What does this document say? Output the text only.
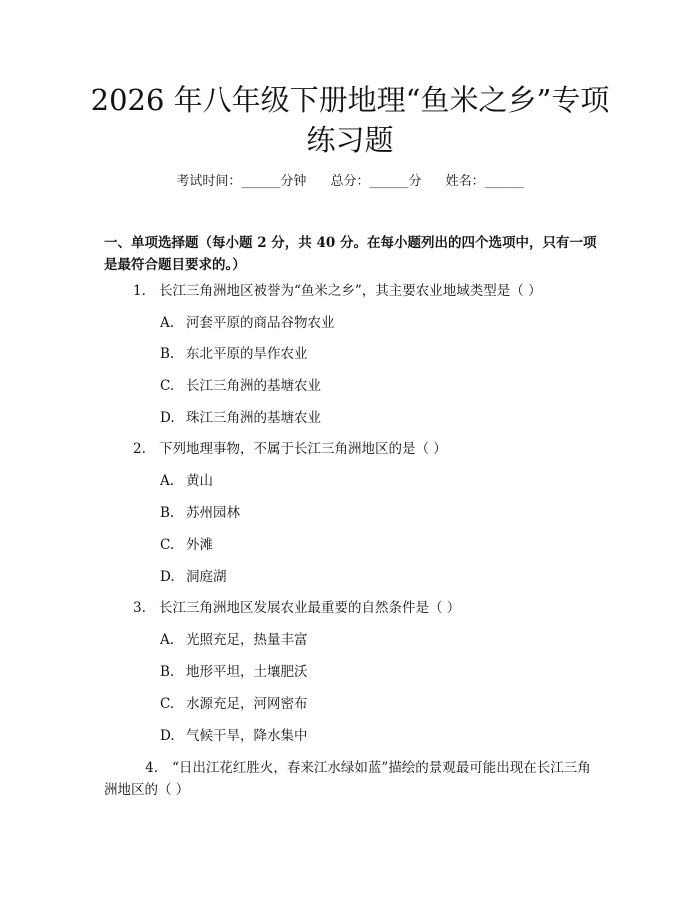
2026 年八年级下册地理“鱼米之乡”专项练习题
考试时间：______分钟 总分：______分 姓名：______
一、单项选择题（每小题 2 分，共 40 分。在每小题列出的四个选项中，只有一项是最符合题目要求的。）
1. 长江三角洲地区被誉为“鱼米之乡”，其主要农业地域类型是（ ）
A. 河套平原的商品谷物农业
B. 东北平原的旱作农业
C. 长江三角洲的基塘农业
D. 珠江三角洲的基塘农业
2. 下列地理事物，不属于长江三角洲地区的是（ ）
A. 黄山
B. 苏州园林
C. 外滩
D. 洞庭湖
3. 长江三角洲地区发展农业最重要的自然条件是（ ）
A. 光照充足，热量丰富
B. 地形平坦，土壤肥沃
C. 水源充足，河网密布
D. 气候干旱，降水集中
4. “日出江花红胜火，春来江水绿如蓝”描绘的景观最可能出现在长江三角洲地区的（ ）
